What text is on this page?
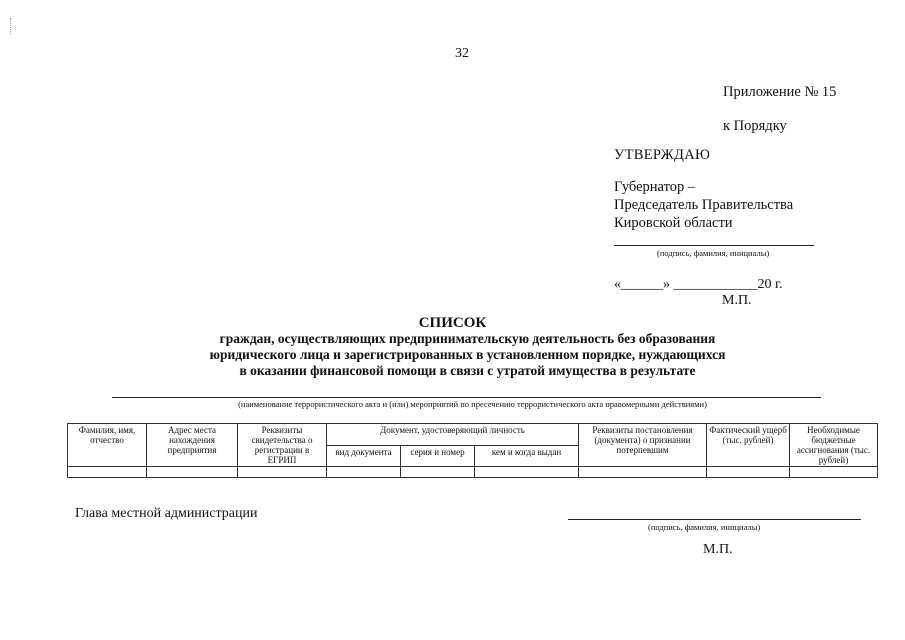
32
Приложение № 15
к Порядку
УТВЕРЖДАЮ
Губернатор –
Председатель Правительства
Кировской области
(подпись, фамилия, инициалы)
«______» ____________20 г.
М.П.
СПИСОК
граждан, осуществляющих предпринимательскую деятельность без образования
юридического лица и зарегистрированных в установленном порядке, нуждающихся
в оказании финансовой помощи в связи с утратой имущества в результате
(наименование террористического акта и (или) мероприятий по пресечению террористического акта правомерными действиями)
Фамилия, имя, отчество	Адрес места нахождения предприятия	Реквизиты свидетельства о регистрации в ЕГРИП	Документ, удостоверяющий личность			Реквизиты постановления (документа) о признании потерпевшим	Фактический ущерб (тыс. рублей)	Необходимые бюджетные ассигнования (тыс. рублей)
			вид документа	серия и номер	кем и когда выдан			

Глава местной администрации
(подпись, фамилия, инициалы)
М.П.
